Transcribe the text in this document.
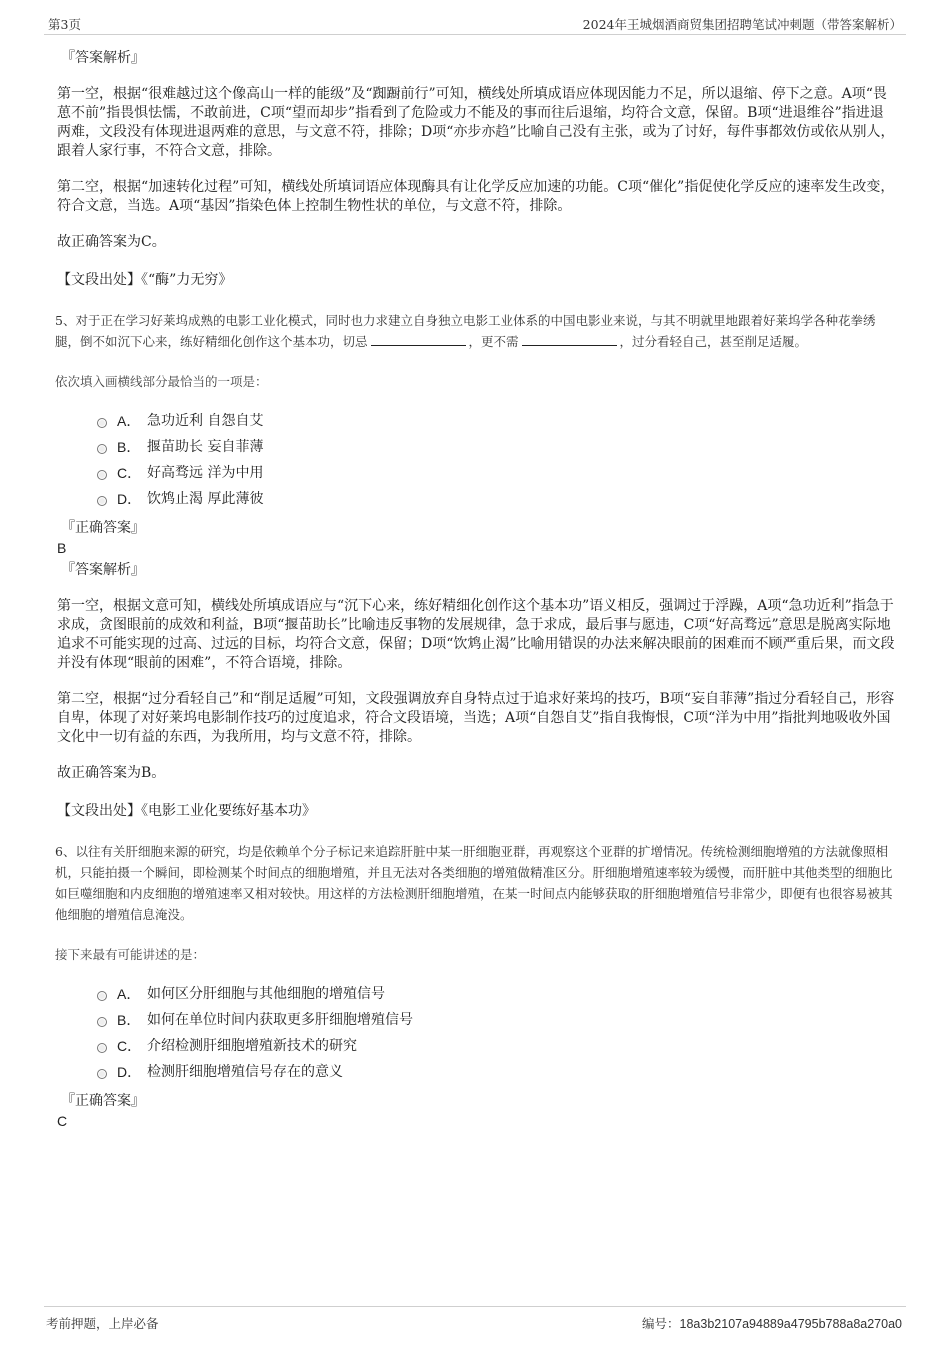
第3页	2024年王城烟酒商贸集团招聘笔试冲刺题（带答案解析）
『答案解析』
第一空，根据“很难越过这个像高山一样的能级”及“踟蹰前行”可知，横线处所填成语应体现因能力不足，所以退缩、停下之意。A项“畏葸不前”指畏惧怯懦，不敢前进，C项“望而却步”指看到了危险或力不能及的事而往后退缩，均符合文意，保留。B项“进退维谷”指进退两难，文段没有体现进退两难的意思，与文意不符，排除；D项“亦步亦趋”比喻自己没有主张，或为了讨好，每件事都效仿或依从别人，跟着人家行事，不符合文意，排除。
第二空，根据“加速转化过程”可知，横线处所填词语应体现酶具有让化学反应加速的功能。C项“催化”指促使化学反应的速率发生改变，符合文意，当选。A项“基因”指染色体上控制生物性状的单位，与文意不符，排除。
故正确答案为C。
【文段出处】《“酶”力无穷》
5、对于正在学习好莱坞成熟的电影工业化模式，同时也力求建立自身独立电影工业体系的中国电影业来说，与其不明就里地跟着好莱坞学各种花拳绣腿，倒不如沉下心来，练好精细化创作这个基本功，切忌	，更不需	，过分看轻自己，甚至削足适履。
依次填入画横线部分最恰当的一项是：
A． 急功近利 自怨自艾
B． 揠苗助长 妄自菲薄
C． 好高骛远 洋为中用
D． 饮鸩止渴 厚此薄彼
『正确答案』
B
『答案解析』
第一空，根据文意可知，横线处所填成语应与“沉下心来，练好精细化创作这个基本功”语义相反，强调过于浮躁，A项“急功近利”指急于求成，贪图眼前的成效和利益，B项“揠苗助长”比喻违反事物的发展规律，急于求成，最后事与愿违，C项“好高骛远”意思是脱离实际地追求不可能实现的过高、过远的目标，均符合文意，保留；D项“饮鸩止渴”比喻用错误的办法来解决眼前的困难而不顾严重后果，而文段并没有体现“眼前的困难”，不符合语境，排除。
第二空，根据“过分看轻自己”和“削足适履”可知，文段强调放弃自身特点过于追求好莱坞的技巧，B项“妄自菲薄”指过分看轻自己，形容自卑，体现了对好莱坞电影制作技巧的过度追求，符合文段语境，当选；A项“自怨自艾”指自我悔恨，C项“洋为中用”指批判地吸收外国文化中一切有益的东西，为我所用，均与文意不符，排除。
故正确答案为B。
【文段出处】《电影工业化要练好基本功》
6、以往有关肝细胞来源的研究，均是依赖单个分子标记来追踪肝脏中某一肝细胞亚群，再观察这个亚群的扩增情况。传统检测细胞增殖的方法就像照相机，只能拍摄一个瞬间，即检测某个时间点的细胞增殖，并且无法对各类细胞的增殖做精准区分。肝细胞增殖速率较为缓慢，而肝脏中其他类型的细胞比如巨噬细胞和内皮细胞的增殖速率又相对较快。用这样的方法检测肝细胞增殖，在某一时间点内能够获取的肝细胞增殖信号非常少，即便有也很容易被其他细胞的增殖信息淹没。
接下来最有可能讲述的是：
A． 如何区分肝细胞与其他细胞的增殖信号
B． 如何在单位时间内获取更多肝细胞增殖信号
C． 介绍检测肝细胞增殖新技术的研究
D． 检测肝细胞增殖信号存在的意义
『正确答案』
C
考前押题，上岸必备	编号：18a3b2107a94889a4795b788a8a270a0
